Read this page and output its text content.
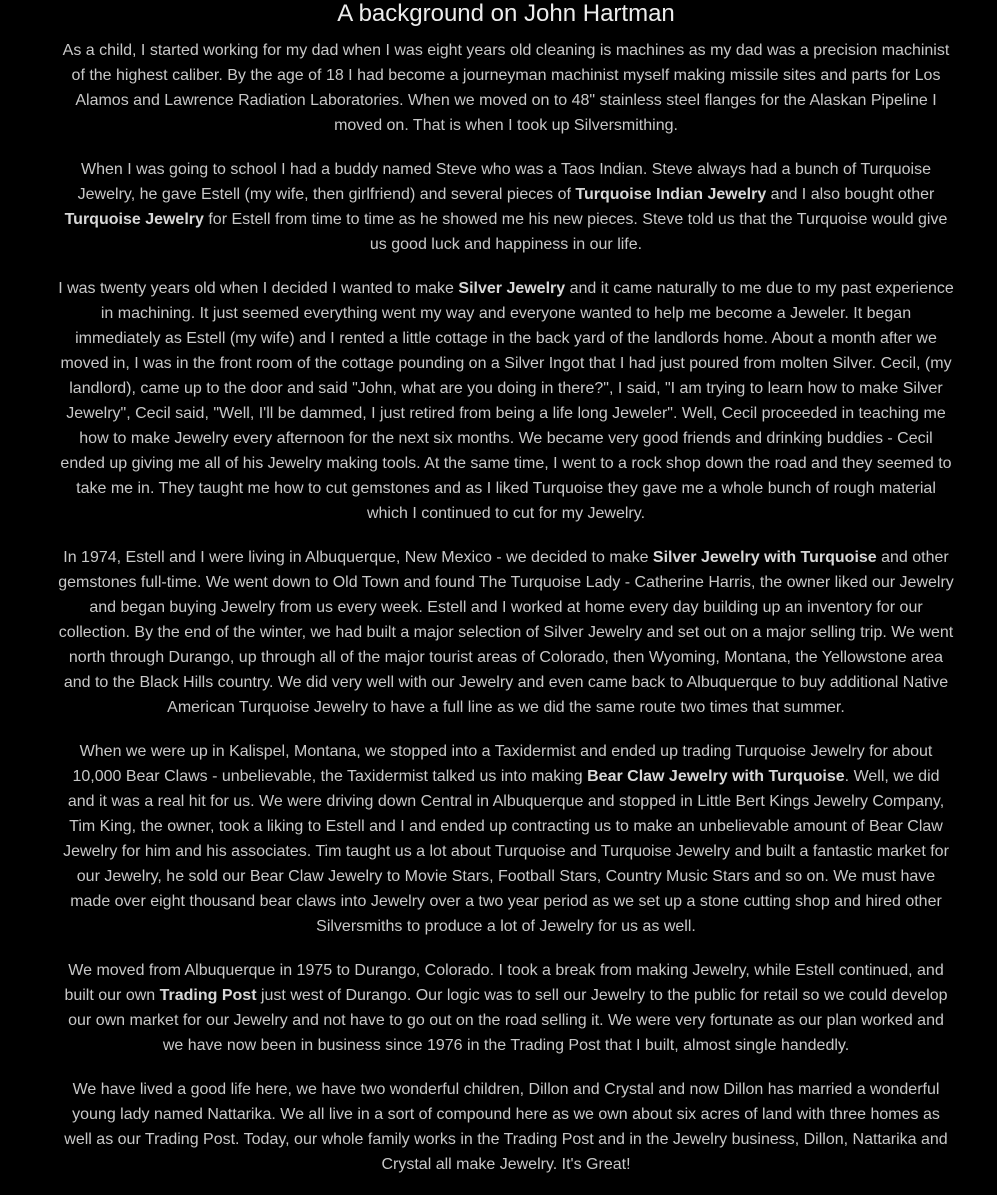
A background on John Hartman

As a child, I started working for my dad when I was eight years old cleaning is machines as my dad was a precision machinist of the highest caliber. By the age of 18 I had become a journeyman machinist myself making missile sites and parts for Los Alamos and Lawrence Radiation Laboratories. When we moved on to 48" stainless steel flanges for the Alaskan Pipeline I moved on. That is when I took up Silversmithing.

When I was going to school I had a buddy named Steve who was a Taos Indian. Steve always had a bunch of Turquoise Jewelry, he gave Estell (my wife, then girlfriend) and several pieces of Turquoise Indian Jewelry and I also bought other Turquoise Jewelry for Estell from time to time as he showed me his new pieces. Steve told us that the Turquoise would give us good luck and happiness in our life.

I was twenty years old when I decided I wanted to make Silver Jewelry and it came naturally to me due to my past experience in machining. It just seemed everything went my way and everyone wanted to help me become a Jeweler. It began immediately as Estell (my wife) and I rented a little cottage in the back yard of the landlords home. About a month after we moved in, I was in the front room of the cottage pounding on a Silver Ingot that I had just poured from molten Silver. Cecil, (my landlord), came up to the door and said "John, what are you doing in there?", I said, "I am trying to learn how to make Silver Jewelry", Cecil said, "Well, I'll be dammed, I just retired from being a life long Jeweler". Well, Cecil proceeded in teaching me how to make Jewelry every afternoon for the next six months. We became very good friends and drinking buddies - Cecil ended up giving me all of his Jewelry making tools. At the same time, I went to a rock shop down the road and they seemed to take me in. They taught me how to cut gemstones and as I liked Turquoise they gave me a whole bunch of rough material which I continued to cut for my Jewelry.

In 1974, Estell and I were living in Albuquerque, New Mexico - we decided to make Silver Jewelry with Turquoise and other gemstones full-time. We went down to Old Town and found The Turquoise Lady - Catherine Harris, the owner liked our Jewelry and began buying Jewelry from us every week. Estell and I worked at home every day building up an inventory for our collection. By the end of the winter, we had built a major selection of Silver Jewelry and set out on a major selling trip. We went north through Durango, up through all of the major tourist areas of Colorado, then Wyoming, Montana, the Yellowstone area and to the Black Hills country. We did very well with our Jewelry and even came back to Albuquerque to buy additional Native American Turquoise Jewelry to have a full line as we did the same route two times that summer.

When we were up in Kalispel, Montana, we stopped into a Taxidermist and ended up trading Turquoise Jewelry for about 10,000 Bear Claws - unbelievable, the Taxidermist talked us into making Bear Claw Jewelry with Turquoise. Well, we did and it was a real hit for us. We were driving down Central in Albuquerque and stopped in Little Bert Kings Jewelry Company, Tim King, the owner, took a liking to Estell and I and ended up contracting us to make an unbelievable amount of Bear Claw Jewelry for him and his associates. Tim taught us a lot about Turquoise and Turquoise Jewelry and built a fantastic market for our Jewelry, he sold our Bear Claw Jewelry to Movie Stars, Football Stars, Country Music Stars and so on. We must have made over eight thousand bear claws into Jewelry over a two year period as we set up a stone cutting shop and hired other Silversmiths to produce a lot of Jewelry for us as well.

We moved from Albuquerque in 1975 to Durango, Colorado. I took a break from making Jewelry, while Estell continued, and built our own Trading Post just west of Durango. Our logic was to sell our Jewelry to the public for retail so we could develop our own market for our Jewelry and not have to go out on the road selling it. We were very fortunate as our plan worked and we have now been in business since 1976 in the Trading Post that I built, almost single handedly.

We have lived a good life here, we have two wonderful children, Dillon and Crystal and now Dillon has married a wonderful young lady named Nattarika. We all live in a sort of compound here as we own about six acres of land with three homes as well as our Trading Post. Today, our whole family works in the Trading Post and in the Jewelry business, Dillon, Nattarika and Crystal all make Jewelry. It's Great!
